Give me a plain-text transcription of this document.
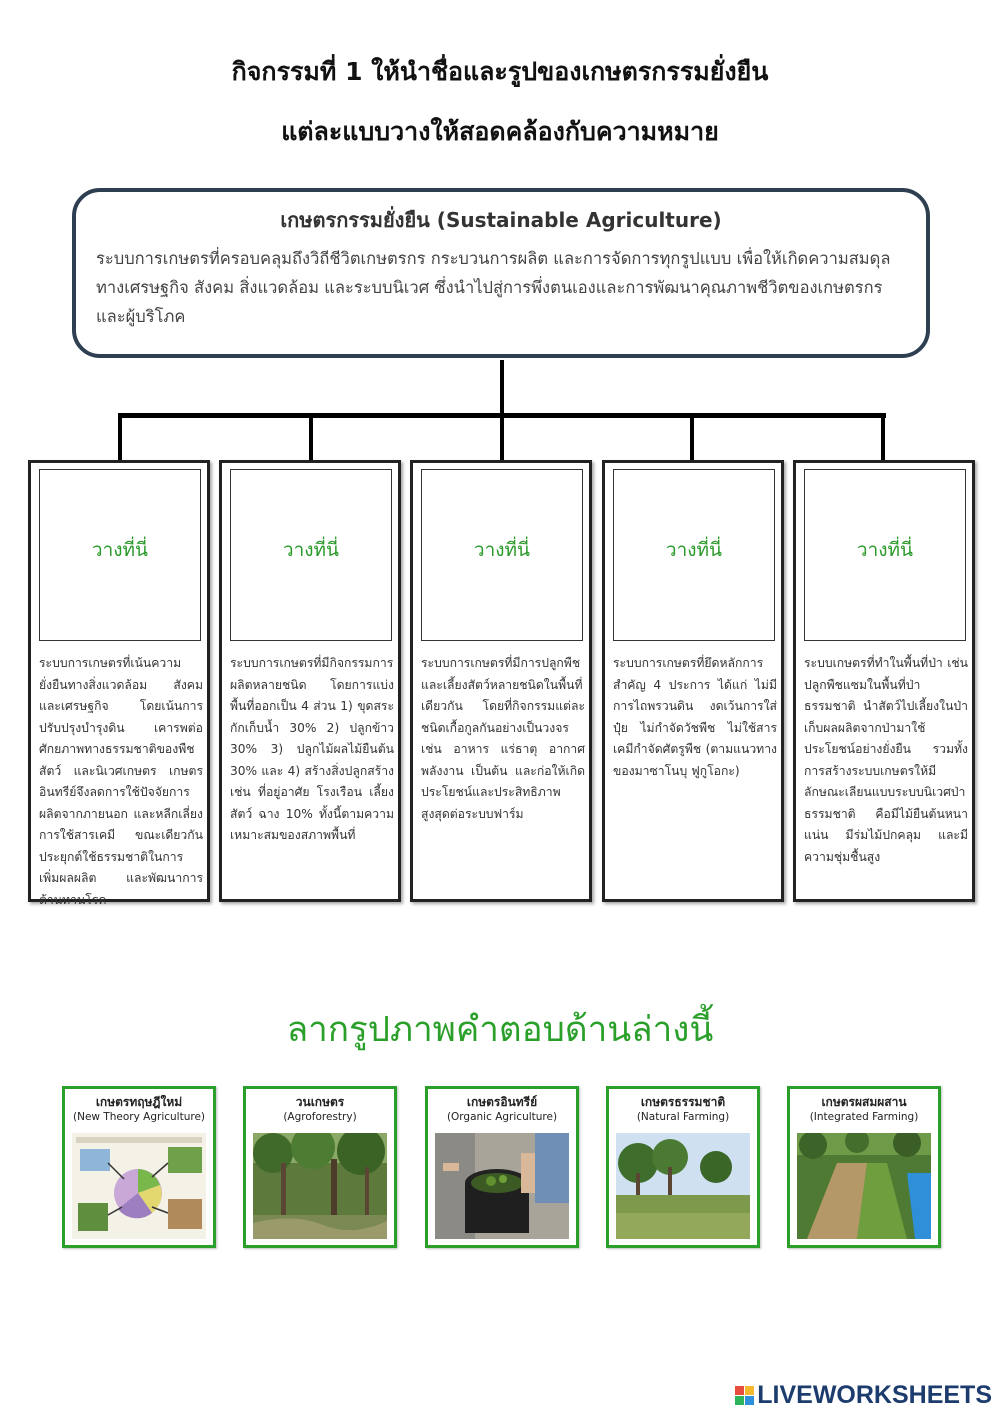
กิจกรรมที่ 1 ให้นำชื่อและรูปของเกษตรกรรมยั่งยืน
แต่ละแบบวางให้สอดคล้องกับความหมาย
เกษตรกรรมยั่งยืน (Sustainable Agriculture)
ระบบการเกษตรที่ครอบคลุมถึงวิถีชีวิตเกษตรกร กระบวนการผลิต และการจัดการทุกรูปแบบ เพื่อให้เกิดความสมดุลทางเศรษฐกิจ สังคม สิ่งแวดล้อม และระบบนิเวศ ซึ่งนำไปสู่การพึ่งตนเองและการพัฒนาคุณภาพชีวิตของเกษตรกรและผู้บริโภค
วางที่นี่
ระบบการเกษตรที่เน้นความยั่งยืนทางสิ่งแวดล้อม สังคม และเศรษฐกิจ โดยเน้นการปรับปรุงบำรุงดิน เคารพต่อศักยภาพทางธรรมชาติของพืช สัตว์ และนิเวศเกษตร เกษตรอินทรีย์จึงลดการใช้ปัจจัยการผลิตจากภายนอก และหลีกเลี่ยงการใช้สารเคมี ขณะเดียวกัน ประยุกต์ใช้ธรรมชาติในการเพิ่มผลผลิต และพัฒนาการต้านทานโรค
วางที่นี่
ระบบการเกษตรที่มีกิจกรรมการผลิตหลายชนิด โดยการแบ่งพื้นที่ออกเป็น 4 ส่วน 1) ขุดสระกักเก็บน้ำ 30% 2) ปลูกข้าว 30% 3) ปลูกไม้ผลไม้ยืนต้น 30% และ 4) สร้างสิ่งปลูกสร้าง เช่น ที่อยู่อาศัย โรงเรือน เลี้ยงสัตว์ ฉาง 10% ทั้งนี้ตามความเหมาะสมของสภาพพื้นที่
วางที่นี่
ระบบการเกษตรที่มีการปลูกพืชและเลี้ยงสัตว์หลายชนิดในพื้นที่เดียวกัน โดยที่กิจกรรมแต่ละชนิดเกื้อกูลกันอย่างเป็นวงจร เช่น อาหาร แร่ธาตุ อากาศ พลังงาน เป็นต้น และก่อให้เกิดประโยชน์และประสิทธิภาพสูงสุดต่อระบบฟาร์ม
วางที่นี่
ระบบการเกษตรที่ยึดหลักการสำคัญ 4 ประการ ได้แก่ ไม่มีการไถพรวนดิน งดเว้นการใส่ปุ๋ย ไม่กำจัดวัชพืช ไม่ใช้สารเคมีกำจัดศัตรูพืช (ตามแนวทางของมาซาโนบุ ฟูกูโอกะ)
วางที่นี่
ระบบเกษตรที่ทำในพื้นที่ป่า เช่น ปลูกพืชแซมในพื้นที่ป่าธรรมชาติ นำสัตว์ไปเลี้ยงในป่า เก็บผลผลิตจากป่ามาใช้ประโยชน์อย่างยั่งยืน รวมทั้ง การสร้างระบบเกษตรให้มีลักษณะเลียนแบบระบบนิเวศป่าธรรมชาติ คือมีไม้ยืนต้นหนาแน่น มีร่มไม้ปกคลุม และมีความชุ่มชื้นสูง
ลากรูปภาพคำตอบด้านล่างนี้
เกษตรทฤษฎีใหม่
(New Theory Agriculture)
วนเกษตร
(Agroforestry)
เกษตรอินทรีย์
(Organic Agriculture)
เกษตรธรรมชาติ
(Natural Farming)
เกษตรผสมผสาน
(Integrated Farming)
LIVEWORKSHEETS
